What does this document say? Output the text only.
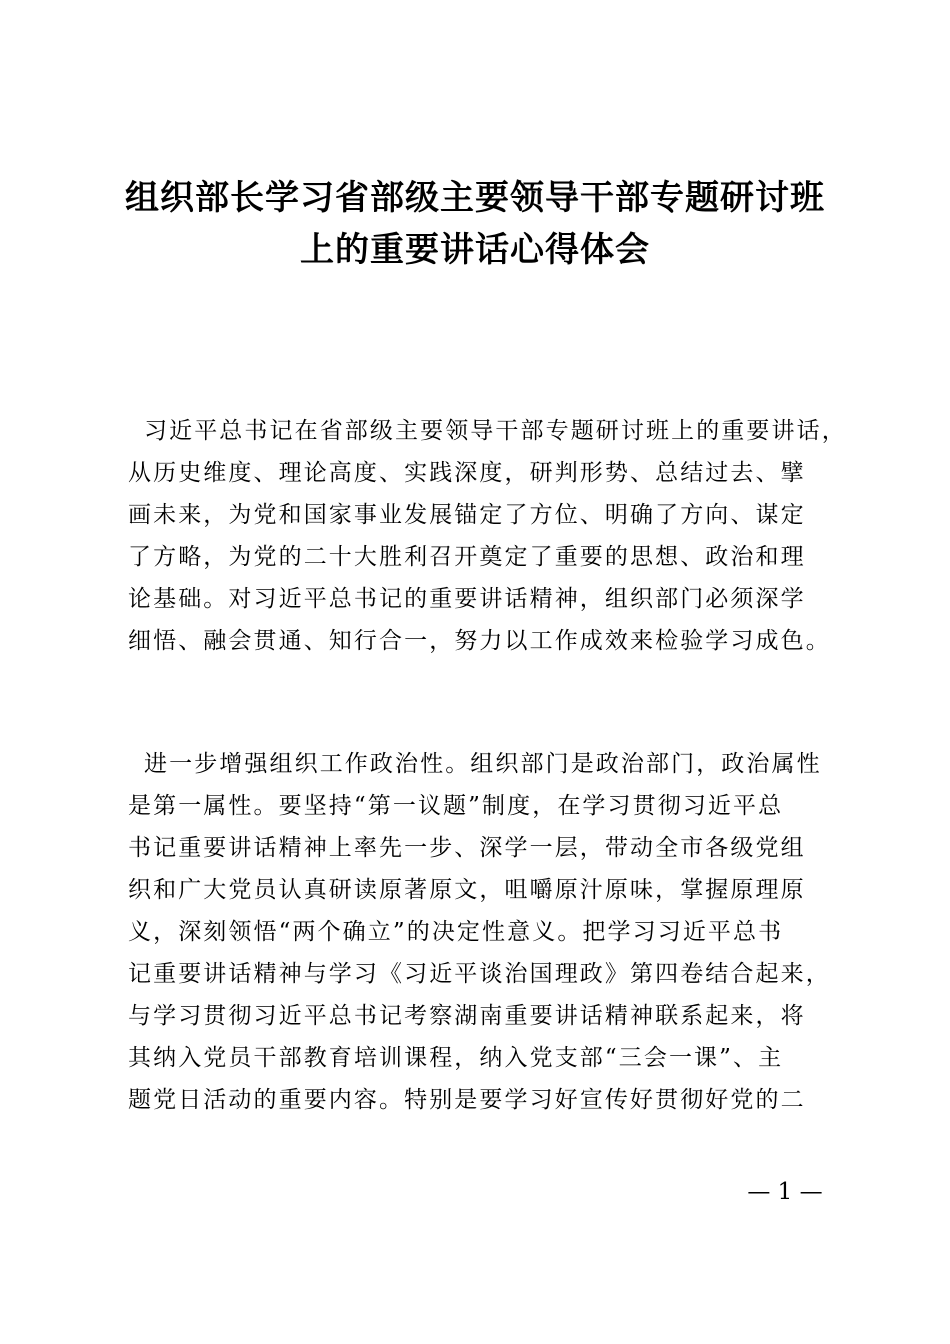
组织部长学习省部级主要领导干部专题研讨班
上的重要讲话心得体会
习近平总书记在省部级主要领导干部专题研讨班上的重要讲话，
从历史维度、理论高度、实践深度，研判形势、总结过去、擘
画未来，为党和国家事业发展锚定了方位、明确了方向、谋定
了方略，为党的二十大胜利召开奠定了重要的思想、政治和理
论基础。对习近平总书记的重要讲话精神，组织部门必须深学
细悟、融会贯通、知行合一，努力以工作成效来检验学习成色。
进一步增强组织工作政治性。组织部门是政治部门，政治属性
是第一属性。要坚持“第一议题”制度，在学习贯彻习近平总
书记重要讲话精神上率先一步、深学一层，带动全市各级党组
织和广大党员认真研读原著原文，咀嚼原汁原味，掌握原理原
义，深刻领悟“两个确立”的决定性意义。把学习习近平总书
记重要讲话精神与学习《习近平谈治国理政》第四卷结合起来，
与学习贯彻习近平总书记考察湖南重要讲话精神联系起来，将
其纳入党员干部教育培训课程，纳入党支部“三会一课”、主
题党日活动的重要内容。特别是要学习好宣传好贯彻好党的二
— 1 —
